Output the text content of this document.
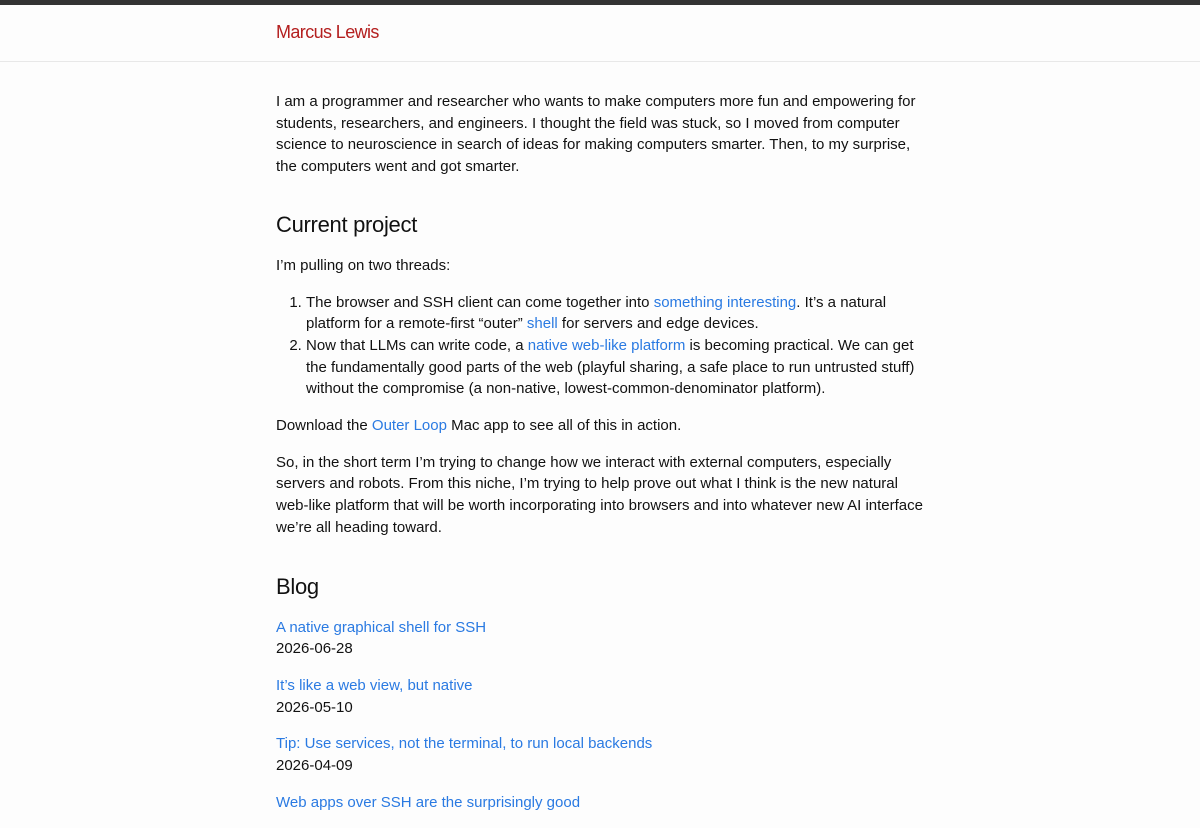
Marcus Lewis

I am a programmer and researcher who wants to make computers more fun and empowering for students, researchers, and engineers. I thought the field was stuck, so I moved from computer science to neuroscience in search of ideas for making computers smarter. Then, to my surprise, the computers went and got smarter.

Current project

I’m pulling on two threads:

1. The browser and SSH client can come together into something interesting. It’s a natural platform for a remote-first “outer” shell for servers and edge devices.
2. Now that LLMs can write code, a native web-like platform is becoming practical. We can get the fundamentally good parts of the web (playful sharing, a safe place to run untrusted stuff) without the compromise (a non-native, lowest-common-denominator platform).

Download the Outer Loop Mac app to see all of this in action.

So, in the short term I’m trying to change how we interact with external computers, especially servers and robots. From this niche, I’m trying to help prove out what I think is the new natural web-like platform that will be worth incorporating into browsers and into whatever new AI interface we’re all heading toward.

Blog
A native graphical shell for SSH
2026-06-28
It’s like a web view, but native
2026-05-10
Tip: Use services, not the terminal, to run local backends
2026-04-09
Web apps over SSH are the surprisingly good
